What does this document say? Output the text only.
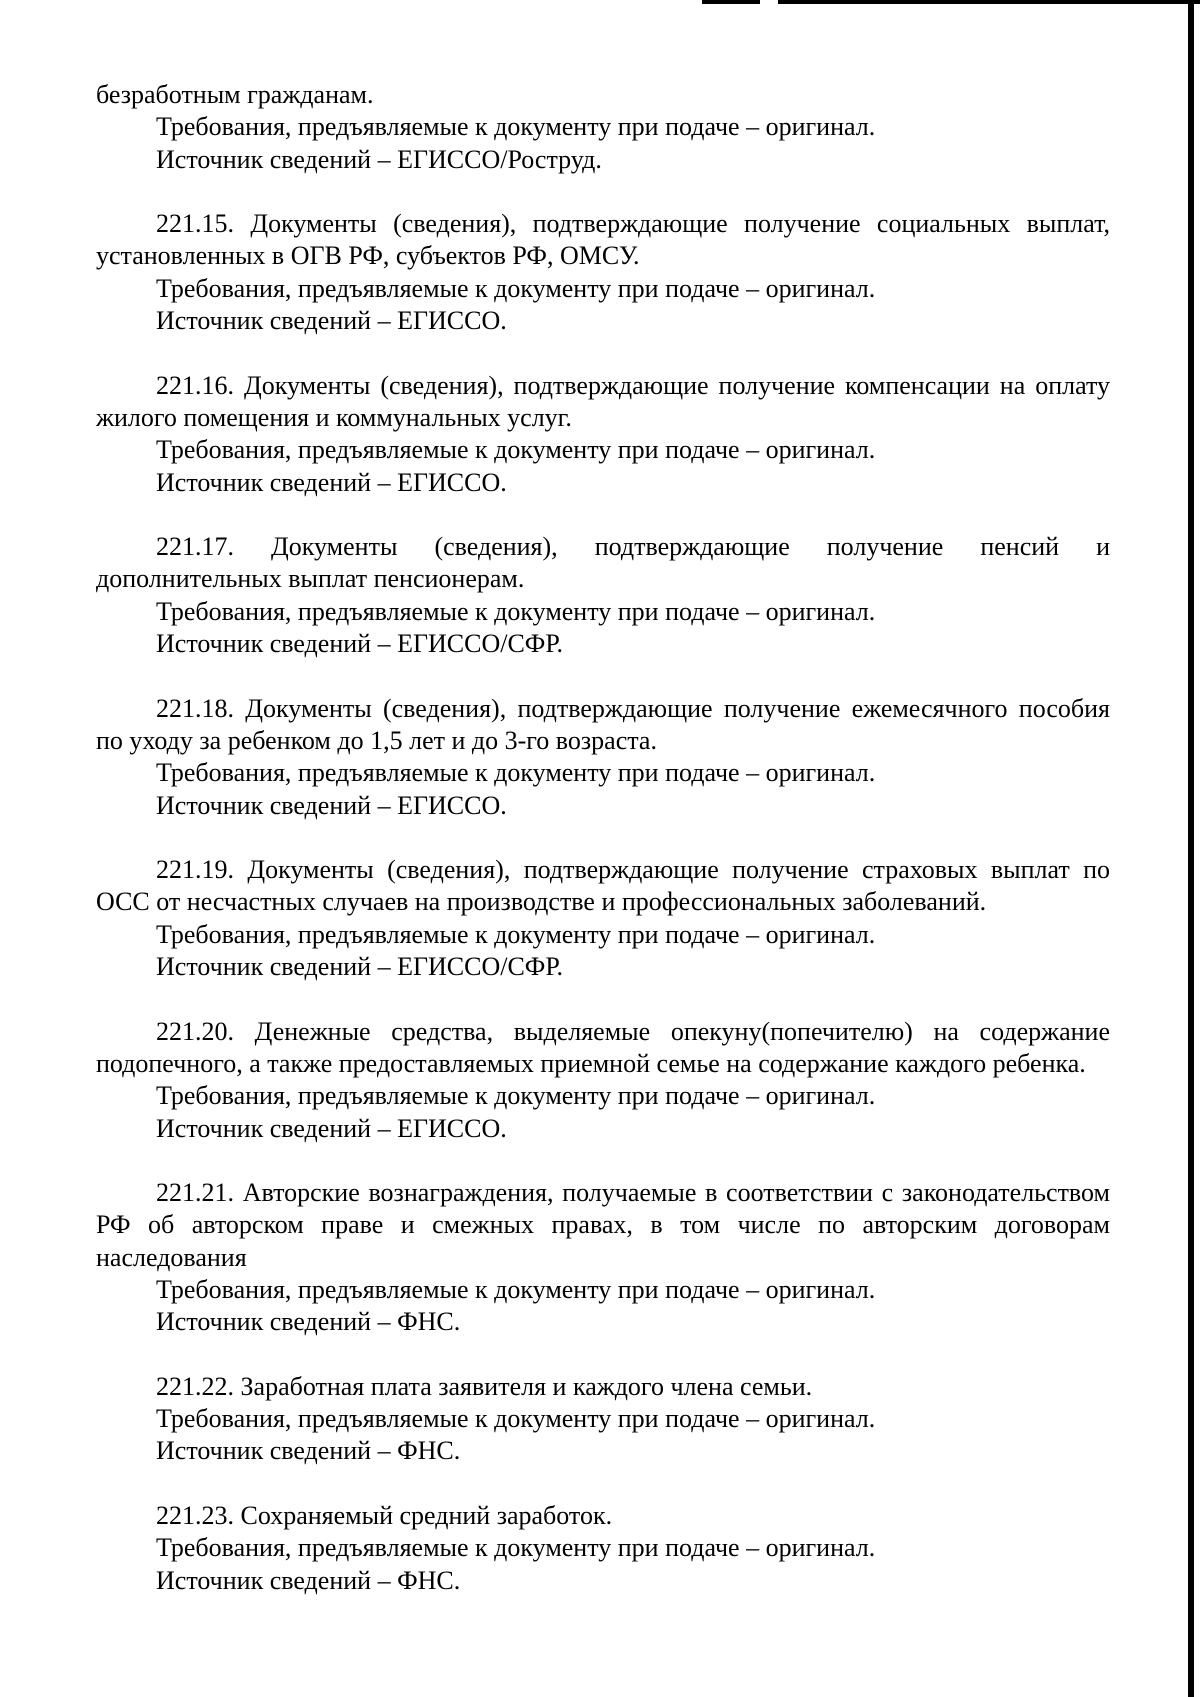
безработным гражданам.

Требования, предъявляемые к документу при подаче – оригинал.

Источник сведений – ЕГИССО/Роструд.

221.15. Документы (сведения), подтверждающие получение социальных выплат, установленных в ОГВ РФ, субъектов РФ, ОМСУ.

Требования, предъявляемые к документу при подаче – оригинал.

Источник сведений – ЕГИССО.

221.16. Документы (сведения), подтверждающие получение компенсации на оплату жилого помещения и коммунальных услуг.

Требования, предъявляемые к документу при подаче – оригинал.

Источник сведений – ЕГИССО.

221.17. Документы (сведения), подтверждающие получение пенсий и дополнительных выплат пенсионерам.

Требования, предъявляемые к документу при подаче – оригинал.

Источник сведений – ЕГИССО/СФР.

221.18. Документы (сведения), подтверждающие получение ежемесячного пособия по уходу за ребенком до 1,5 лет и до 3-го возраста.

Требования, предъявляемые к документу при подаче – оригинал.

Источник сведений – ЕГИССО.

221.19. Документы (сведения), подтверждающие получение страховых выплат по ОСС от несчастных случаев на производстве и профессиональных заболеваний.

Требования, предъявляемые к документу при подаче – оригинал.

Источник сведений – ЕГИССО/СФР.

221.20. Денежные средства, выделяемые опекуну(попечителю) на содержание подопечного, а также предоставляемых приемной семье на содержание каждого ребенка.

Требования, предъявляемые к документу при подаче – оригинал.

Источник сведений – ЕГИССО.

221.21. Авторские вознаграждения, получаемые в соответствии с законодательством РФ об авторском праве и смежных правах, в том числе по авторским договорам наследования

Требования, предъявляемые к документу при подаче – оригинал.

Источник сведений – ФНС.

221.22. Заработная плата заявителя и каждого члена семьи.

Требования, предъявляемые к документу при подаче – оригинал.

Источник сведений – ФНС.

221.23. Сохраняемый средний заработок.

Требования, предъявляемые к документу при подаче – оригинал.

Источник сведений – ФНС.
